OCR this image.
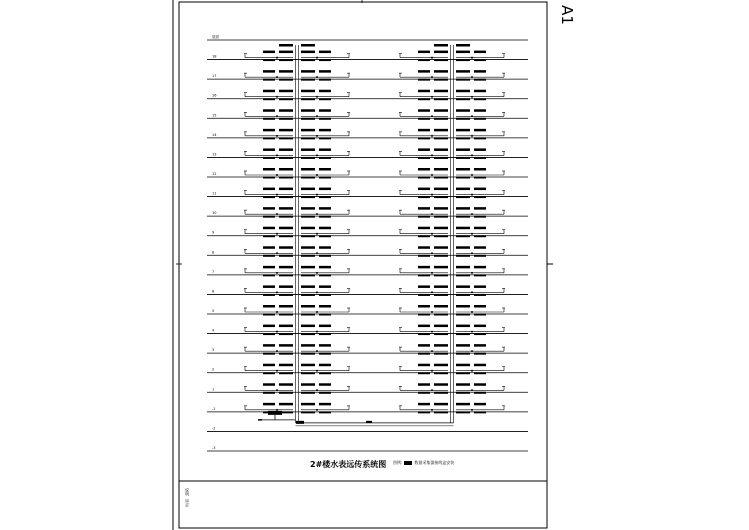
屋面
18
17
16
15
14
13
12
11
10
9
8
7
6
5
4
3
2
1
-1
-2
-3
A1
2#楼水表远传系统图 图例:	数据采集器接线盒安装
说明
审定
